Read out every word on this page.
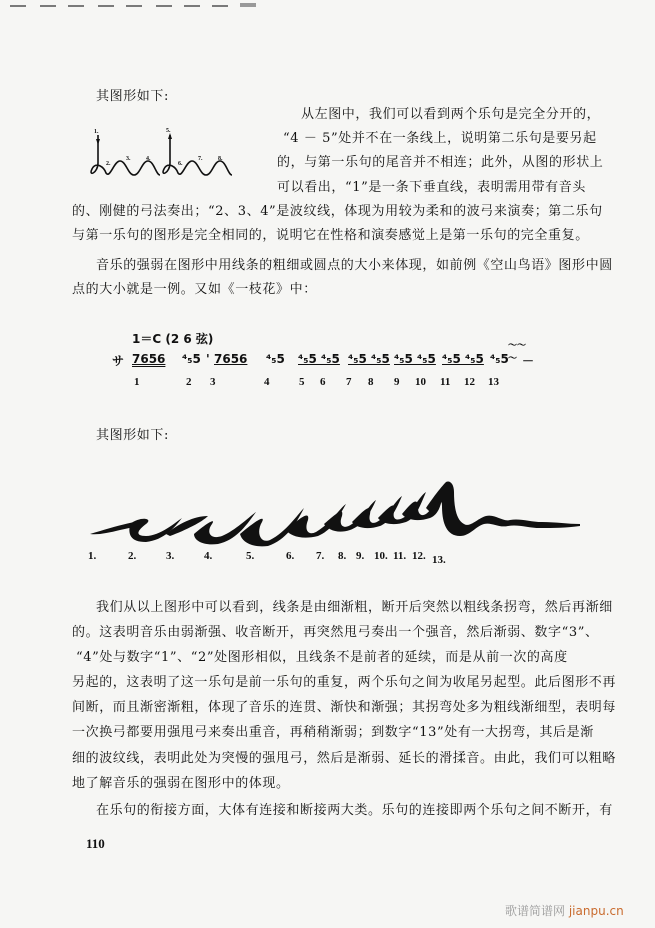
其图形如下:
1.
2.
3.	4.
5.
6.
7.	8.
从左图中，我们可以看到两个乐句是完全分开的，
“4 － 5”处并不在一条线上，说明第二乐句是要另起
的，与第一乐句的尾音并不相连；此外，从图的形状上
可以看出，“1”是一条下垂直线，表明需用带有音头
的、刚健的弓法奏出；“2、3、4”是波纹线，体现为用较为柔和的波弓来演奏；第二乐句
与第一乐句的图形是完全相同的，说明它在性格和演奏感觉上是第一乐句的完全重复。
音乐的强弱在图形中用线条的粗细或圆点的大小来体现，如前例《空山鸟语》图形中圆
点的大小就是一例。又如《一枝花》中：
1＝C (2 6 弦)
サ 7656 ⁴₅5 ' 7656 ⁴₅5 ⁴₅5 ⁴₅5 ⁴₅5 ⁴₅5 ⁴₅5 ⁴₅5 ⁴₅5 ⁴₅5 ⁴₅5
～～～ －
1	2 3	4	5 6 7 8 9 10 11 12 13
其图形如下:
1.	2.	3.	4.	5.	6. 7. 8. 9. 10. 11. 12. 13.
我们从以上图形中可以看到，线条是由细渐粗，断开后突然以粗线条拐弯，然后再渐细
的。这表明音乐由弱渐强、收音断开，再突然甩弓奏出一个强音，然后渐弱、数字“3”、
“4”处与数字“1”、“2”处图形相似，且线条不是前者的延续，而是从前一次的高度
另起的，这表明了这一乐句是前一乐句的重复，两个乐句之间为收尾另起型。此后图形不再
间断，而且渐密渐粗，体现了音乐的连贯、渐快和渐强；其拐弯处多为粗线渐细型，表明每
一次换弓都要用强甩弓来奏出重音，再稍稍渐弱；到数字“13”处有一大拐弯，其后是渐
细的波纹线，表明此处为突慢的强甩弓，然后是渐弱、延长的滑揉音。由此，我们可以粗略
地了解音乐的强弱在图形中的体现。
在乐句的衔接方面，大体有连接和断接两大类。乐句的连接即两个乐句之间不断开，有
110
歌谱简谱网 jianpu.cn
